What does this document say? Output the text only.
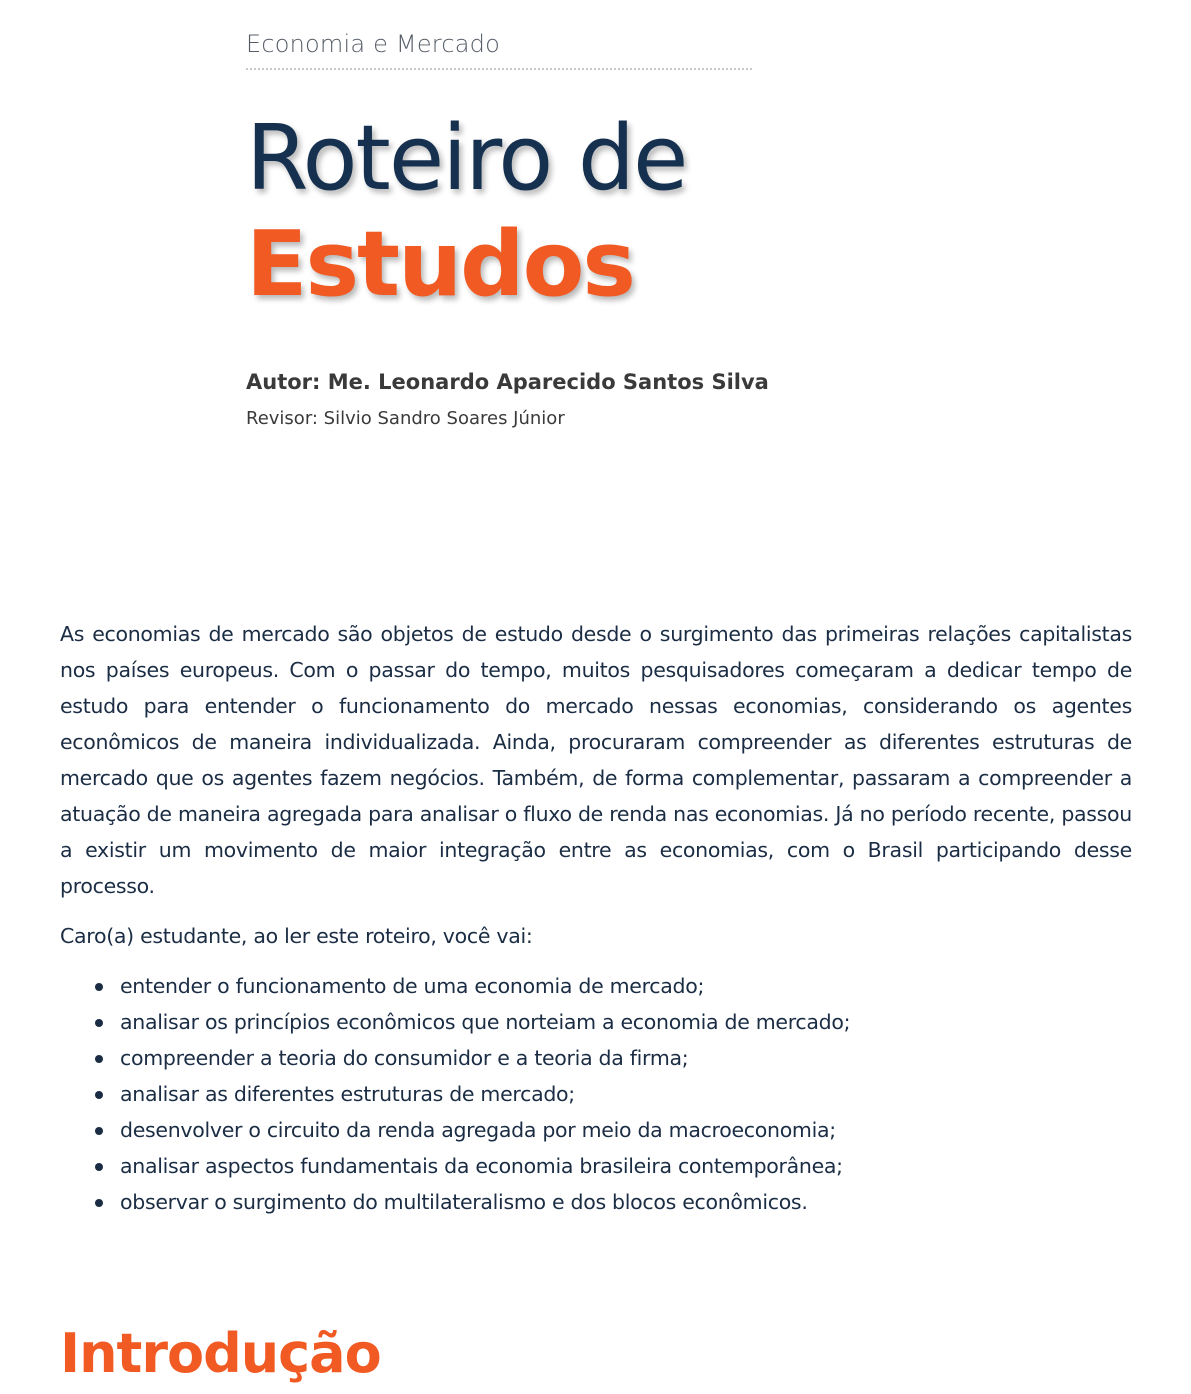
Economia e Mercado
Roteiro de
Estudos
Autor: Me. Leonardo Aparecido Santos Silva
Revisor: Silvio Sandro Soares Júnior

As economias de mercado são objetos de estudo desde o surgimento das primeiras relações capitalistas nos países europeus. Com o passar do tempo, muitos pesquisadores começaram a dedicar tempo de estudo para entender o funcionamento do mercado nessas economias, considerando os agentes econômicos de maneira individualizada. Ainda, procuraram compreender as diferentes estruturas de mercado que os agentes fazem negócios. Também, de forma complementar, passaram a compreender a atuação de maneira agregada para analisar o fluxo de renda nas economias. Já no período recente, passou a existir um movimento de maior integração entre as economias, com o Brasil participando desse processo.

Caro(a) estudante, ao ler este roteiro, você vai:

entender o funcionamento de uma economia de mercado;
analisar os princípios econômicos que norteiam a economia de mercado;
compreender a teoria do consumidor e a teoria da firma;
analisar as diferentes estruturas de mercado;
desenvolver o circuito da renda agregada por meio da macroeconomia;
analisar aspectos fundamentais da economia brasileira contemporânea;
observar o surgimento do multilateralismo e dos blocos econômicos.
Introdução
